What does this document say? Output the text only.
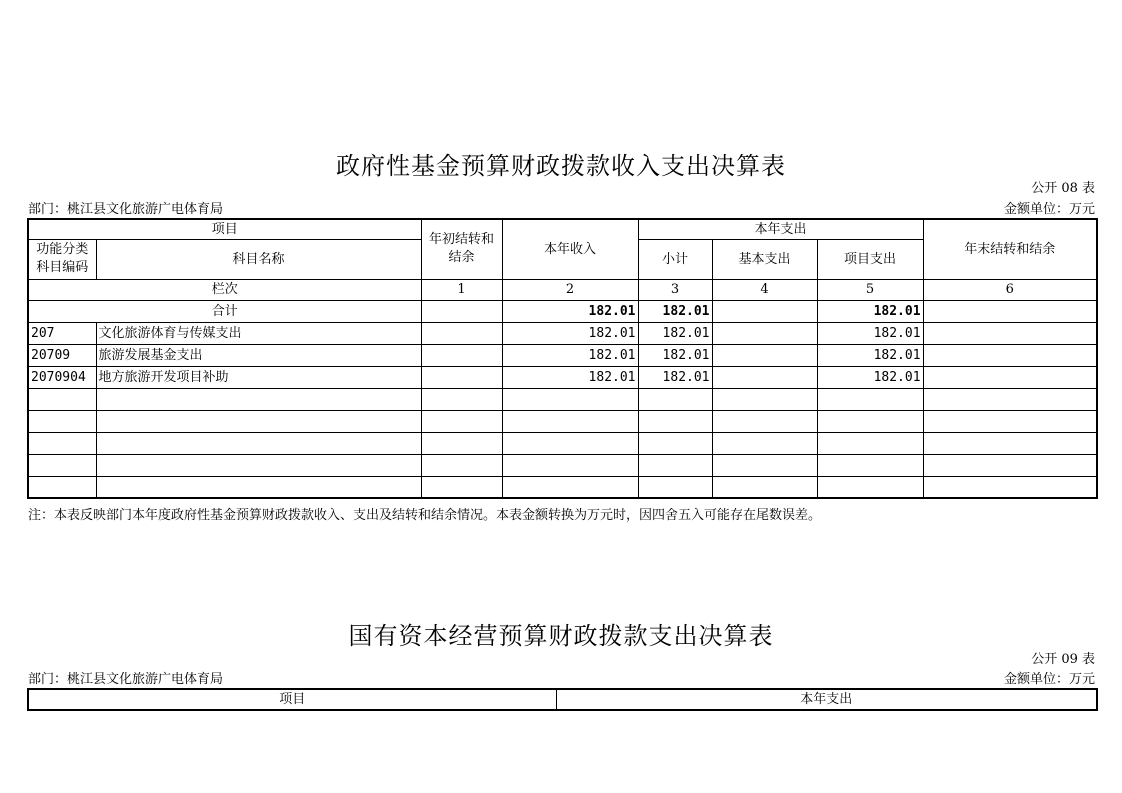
政府性基金预算财政拨款收入支出决算表
公开 08 表
部门：桃江县文化旅游广电体育局	金额单位：万元
项目		年初结转和结余	本年收入	本年支出			年末结转和结余
功能分类科目编码	科目名称			小计	基本支出	项目支出	
栏次		1	2	3	4	5	6
合计			182.01	182.01		182.01	
207	文化旅游体育与传媒支出		182.01	182.01		182.01	
20709	旅游发展基金支出		182.01	182.01		182.01	
2070904	地方旅游开发项目补助		182.01	182.01		182.01	

注：本表反映部门本年度政府性基金预算财政拨款收入、支出及结转和结余情况。本表金额转换为万元时，因四舍五入可能存在尾数误差。
国有资本经营预算财政拨款支出决算表
公开 09 表
部门：桃江县文化旅游广电体育局	金额单位：万元
项目	本年支出
